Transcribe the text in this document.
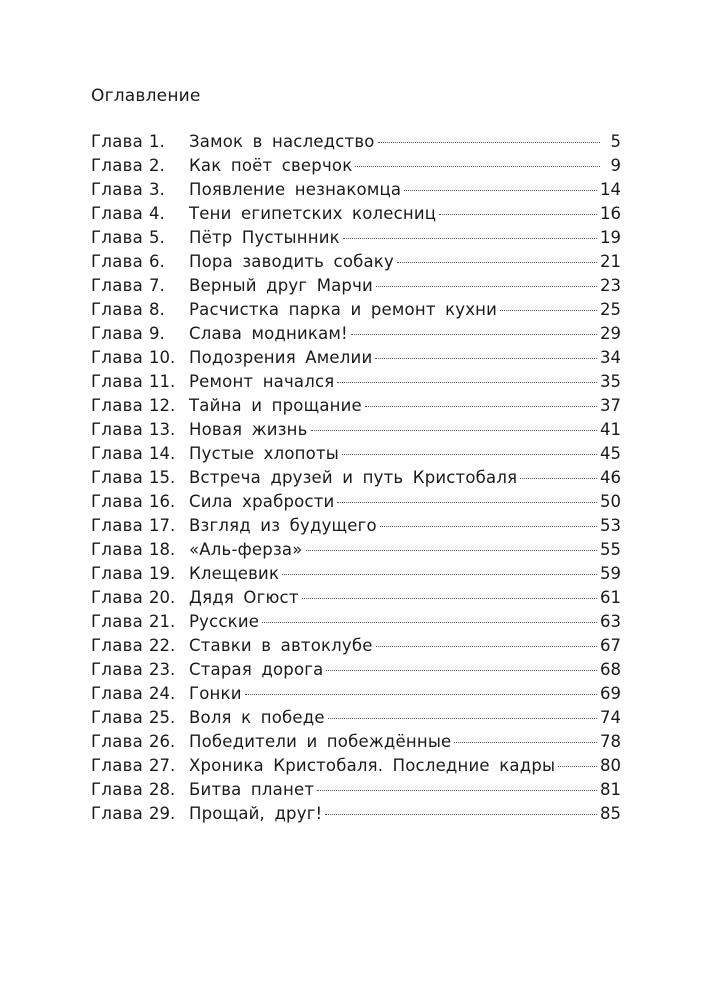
Оглавление
Глава 1.	Замок в наследство	5
Глава 2.	Как поёт сверчок	9
Глава 3.	Появление незнакомца	14
Глава 4.	Тени египетских колесниц	16
Глава 5.	Пётр Пустынник	19
Глава 6.	Пора заводить собаку	21
Глава 7.	Верный друг Марчи	23
Глава 8.	Расчистка парка и ремонт кухни	25
Глава 9.	Слава модникам!	29
Глава 10. Подозрения Амелии	34
Глава 11. Ремонт начался	35
Глава 12. Тайна и прощание	37
Глава 13. Новая жизнь	41
Глава 14. Пустые хлопоты	45
Глава 15. Встреча друзей и путь Кристобаля	46
Глава 16. Сила храбрости	50
Глава 17. Взгляд из будущего	53
Глава 18. «Аль-ферза»	55
Глава 19. Клещевик	59
Глава 20. Дядя Огюст	61
Глава 21. Русские	63
Глава 22. Ставки в автоклубе	67
Глава 23. Старая дорога	68
Глава 24. Гонки	69
Глава 25. Воля к победе	74
Глава 26. Победители и побеждённые	78
Глава 27. Хроника Кристобаля. Последние кадры	80
Глава 28. Битва планет	81
Глава 29. Прощай, друг!	85
